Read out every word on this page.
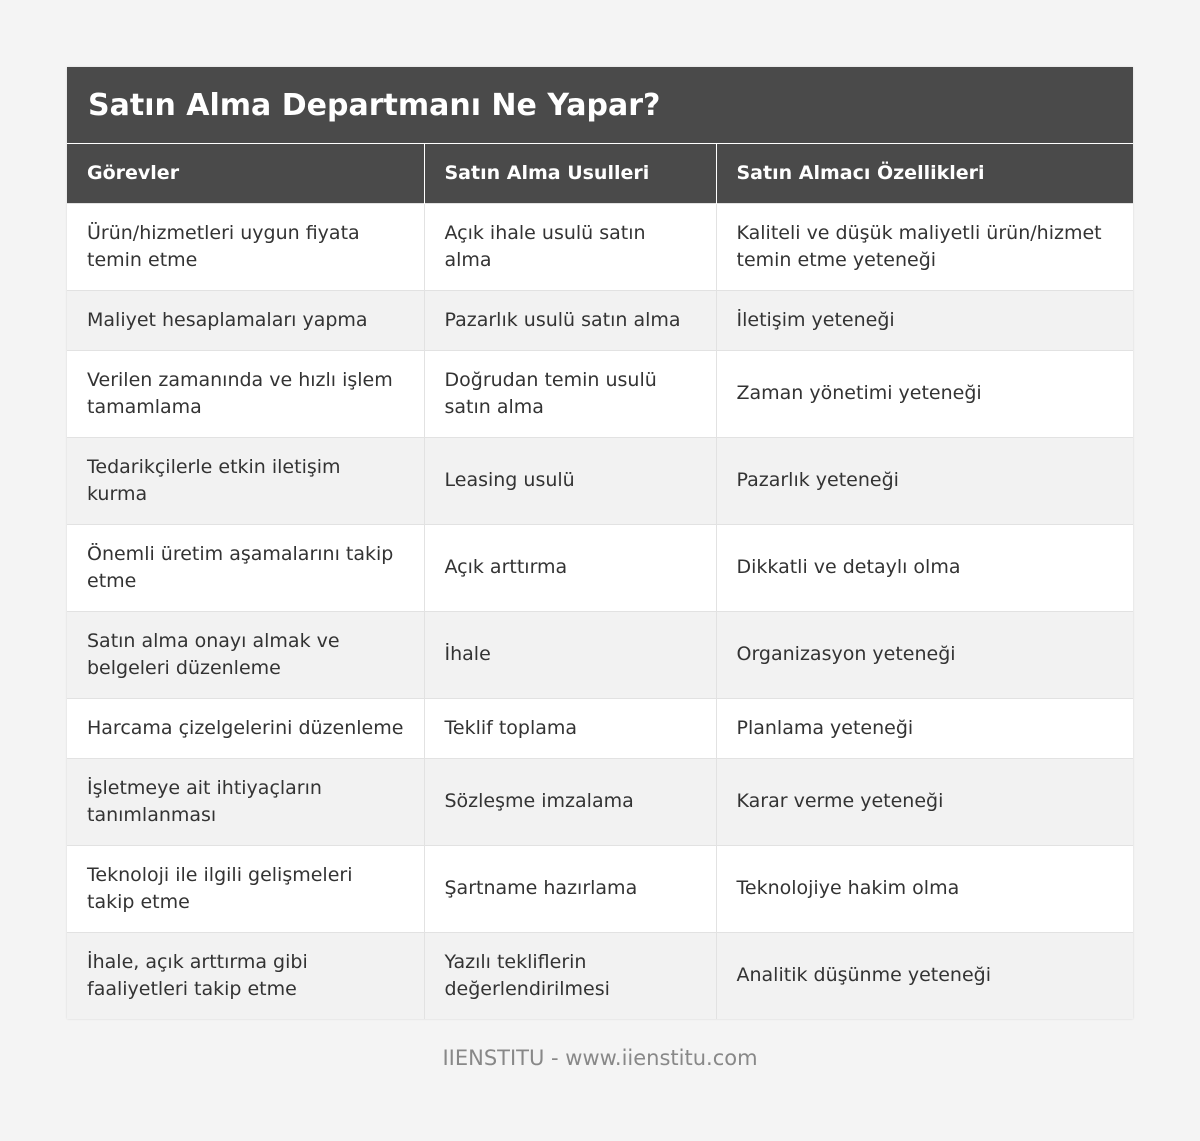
Satın Alma Departmanı Ne Yapar?
Görevler	Satın Alma Usulleri	Satın Almacı Özellikleri
Ürün/hizmetleri uygun fiyata temin etme	Açık ihale usulü satın alma	Kaliteli ve düşük maliyetli ürün/hizmet temin etme yeteneği
Maliyet hesaplamaları yapma	Pazarlık usulü satın alma	İletişim yeteneği
Verilen zamanında ve hızlı işlem tamamlama	Doğrudan temin usulü satın alma	Zaman yönetimi yeteneği
Tedarikçilerle etkin iletişim kurma	Leasing usulü	Pazarlık yeteneği
Önemli üretim aşamalarını takip etme	Açık arttırma	Dikkatli ve detaylı olma
Satın alma onayı almak ve belgeleri düzenleme	İhale	Organizasyon yeteneği
Harcama çizelgelerini düzenleme	Teklif toplama	Planlama yeteneği
İşletmeye ait ihtiyaçların tanımlanması	Sözleşme imzalama	Karar verme yeteneği
Teknoloji ile ilgili gelişmeleri takip etme	Şartname hazırlama	Teknolojiye hakim olma
İhale, açık arttırma gibi faaliyetleri takip etme	Yazılı tekliflerin değerlendirilmesi	Analitik düşünme yeteneği
IIENSTITU - www.iienstitu.com
